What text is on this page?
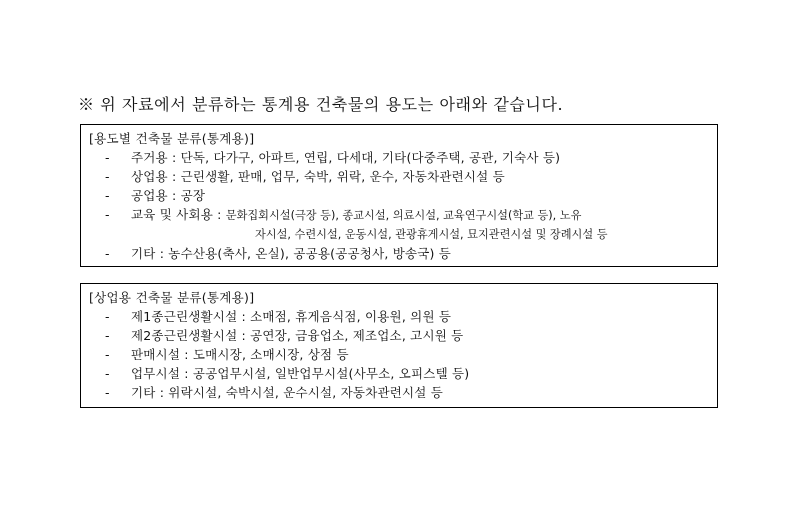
※ 위 자료에서 분류하는 통계용 건축물의 용도는 아래와 같습니다.
[용도별 건축물 분류(통계용)]
- 주거용 : 단독, 다가구, 아파트, 연립, 다세대, 기타(다중주택, 공관, 기숙사 등)
- 상업용 : 근린생활, 판매, 업무, 숙박, 위락, 운수, 자동차관련시설 등
- 공업용 : 공장
- 교육 및 사회용 : 문화집회시설(극장 등), 종교시설, 의료시설, 교육연구시설(학교 등), 노유
자시설, 수련시설, 운동시설, 관광휴게시설, 묘지관련시설 및 장례시설 등
- 기타 : 농수산용(축사, 온실), 공공용(공공청사, 방송국) 등
[상업용 건축물 분류(통계용)]
- 제1종근린생활시설 : 소매점, 휴게음식점, 이용원, 의원 등
- 제2종근린생활시설 : 공연장, 금융업소, 제조업소, 고시원 등
- 판매시설 : 도매시장, 소매시장, 상점 등
- 업무시설 : 공공업무시설, 일반업무시설(사무소, 오피스텔 등)
- 기타 : 위락시설, 숙박시설, 운수시설, 자동차관련시설 등
